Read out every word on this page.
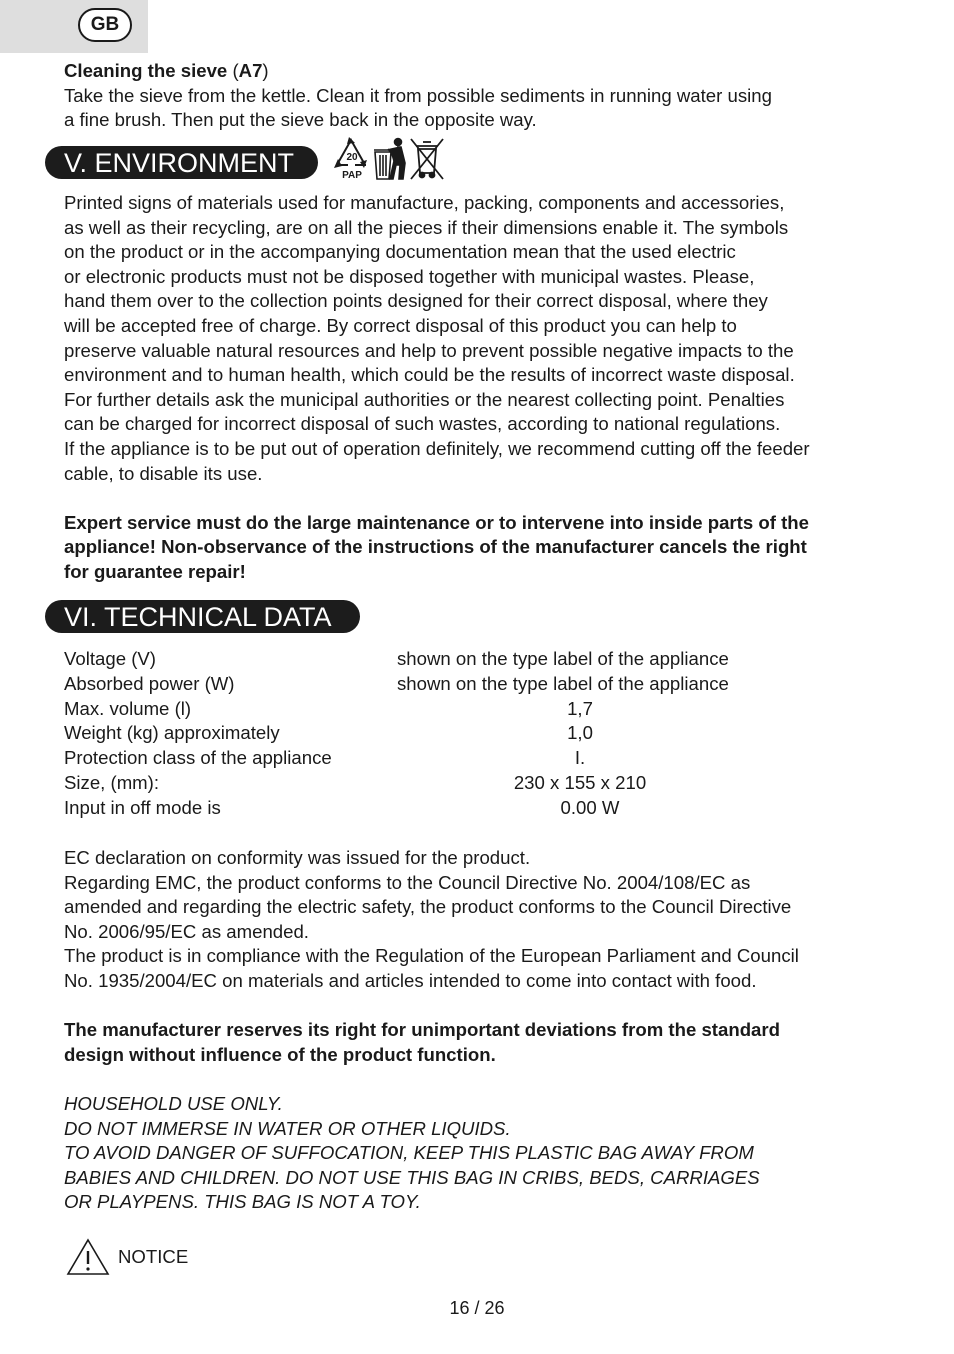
GB

Cleaning the sieve (A7)

Take the sieve from the kettle. Clean it from possible sediments in running water using

a fine brush. Then put the sieve back in the opposite way.

V. ENVIRONMENT	20
PAP

Printed signs of materials used for manufacture, packing, components and accessories,

as well as their recycling, are on all the pieces if their dimensions enable it. The symbols

on the product or in the accompanying documentation mean that the used electric

or electronic products must not be disposed together with municipal wastes. Please,

hand them over to the collection points designed for their correct disposal, where they

will be accepted free of charge. By correct disposal of this product you can help to

preserve valuable natural resources and help to prevent possible negative impacts to the

environment and to human health, which could be the results of incorrect waste disposal.

For further details ask the municipal authorities or the nearest collecting point. Penalties

can be charged for incorrect disposal of such wastes, according to national regulations.

If the appliance is to be put out of operation definitely, we recommend cutting off the feeder

cable, to disable its use.

Expert service must do the large maintenance or to intervene into inside parts of the

appliance! Non-observance of the instructions of the manufacturer cancels the right

for guarantee repair!

VI. TECHNICAL DATA
Voltage (V)	shown on the type label of the appliance
Absorbed power (W)	shown on the type label of the appliance
Max. volume (l)	1,7
Weight (kg) approximately	1,0
Protection class of the appliance	I.
Size, (mm):	230 x 155 x 210
Input in off mode is	0.00 W

EC declaration on conformity was issued for the product.

Regarding EMC, the product conforms to the Council Directive No. 2004/108/EC as

amended and regarding the electric safety, the product conforms to the Council Directive

No. 2006/95/EC as amended.

The product is in compliance with the Regulation of the European Parliament and Council

No. 1935/2004/EC on materials and articles intended to come into contact with food.

The manufacturer reserves its right for unimportant deviations from the standard

design without influence of the product function.

HOUSEHOLD USE ONLY.

DO NOT IMMERSE IN WATER OR OTHER LIQUIDS.

TO AVOID DANGER OF SUFFOCATION, KEEP THIS PLASTIC BAG AWAY FROM

BABIES AND CHILDREN. DO NOT USE THIS BAG IN CRIBS, BEDS, CARRIAGES

OR PLAYPENS. THIS BAG IS NOT A TOY.

NOTICE
16 / 26
